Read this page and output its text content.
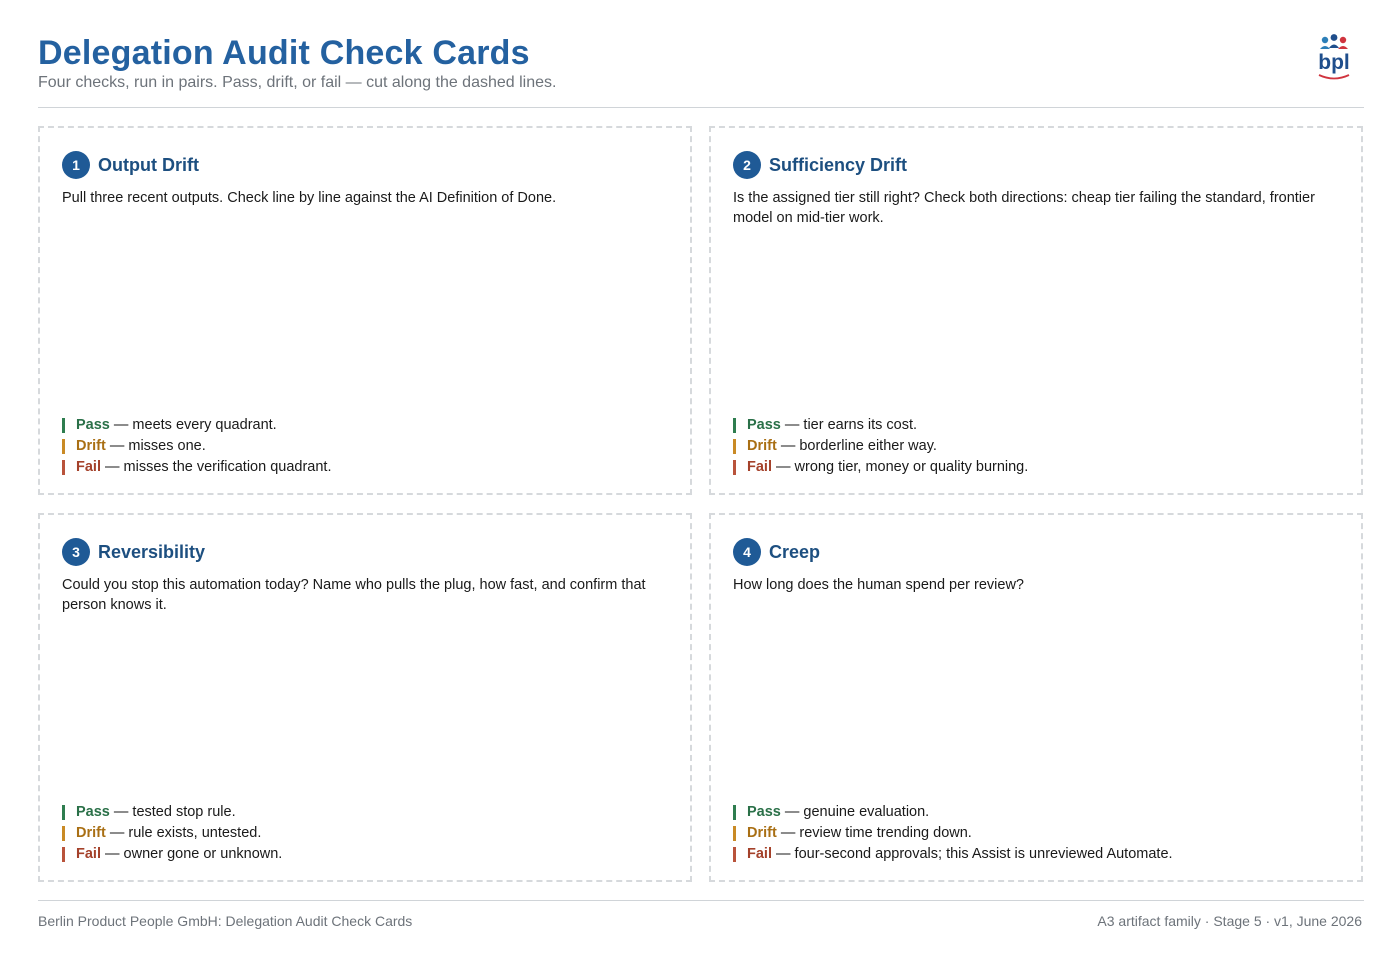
Delegation Audit Check Cards
Four checks, run in pairs. Pass, drift, or fail — cut along the dashed lines.
bpl
1	Output Drift
Pull three recent outputs. Check line by line against the AI Definition of Done.
Pass — meets every quadrant.
Drift — misses one.
Fail — misses the verification quadrant.
2	Sufficiency Drift
Is the assigned tier still right? Check both directions: cheap tier failing the standard, frontier model on mid-tier work.
Pass — tier earns its cost.
Drift — borderline either way.
Fail — wrong tier, money or quality burning.
3	Reversibility
Could you stop this automation today? Name who pulls the plug, how fast, and confirm that person knows it.
Pass — tested stop rule.
Drift — rule exists, untested.
Fail — owner gone or unknown.
4	Creep
How long does the human spend per review?
Pass — genuine evaluation.
Drift — review time trending down.
Fail — four-second approvals; this Assist is unreviewed Automate.
Berlin Product People GmbH: Delegation Audit Check Cards	A3 artifact family · Stage 5 · v1, June 2026
